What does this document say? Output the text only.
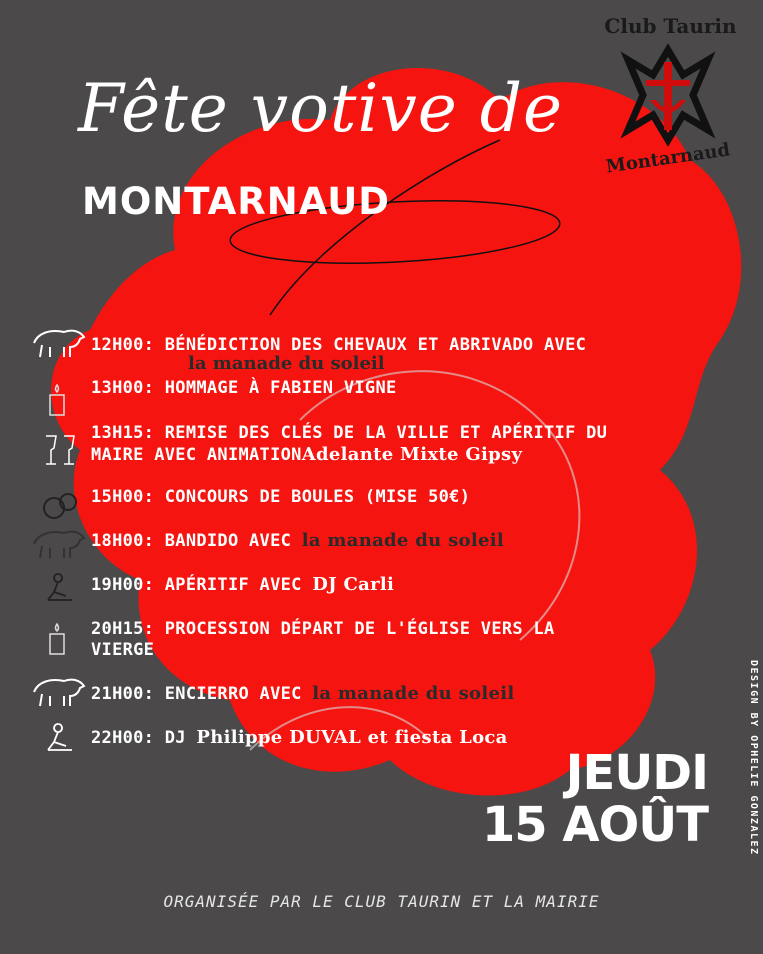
Fête votive de
MONTARNAUD
Club Taurin
Montarnaud
12H00: BÉNÉDICTION DES CHEVAUX ET ABRIVADO AVEC
la manade du soleil
13H00: HOMMAGE À FABIEN VIGNE
13H15: REMISE DES CLÉS DE LA VILLE ET APÉRITIF DU
MAIRE AVEC ANIMATIONAdelante Mixte Gipsy
15H00: CONCOURS DE BOULES (MISE 50€)
18H00: BANDIDO AVEC la manade du soleil
19H00: APÉRITIF AVEC DJ Carli
20H15: PROCESSION DÉPART DE L'ÉGLISE VERS LA
VIERGE
21H00: ENCIERRO AVEC la manade du soleil
22H00: DJ Philippe DUVAL et fiesta Loca
JEUDI
15 AOÛT	DESIGN BY OPHELIE GONZALEZ
ORGANISÉE PAR LE CLUB TAURIN ET LA MAIRIE
